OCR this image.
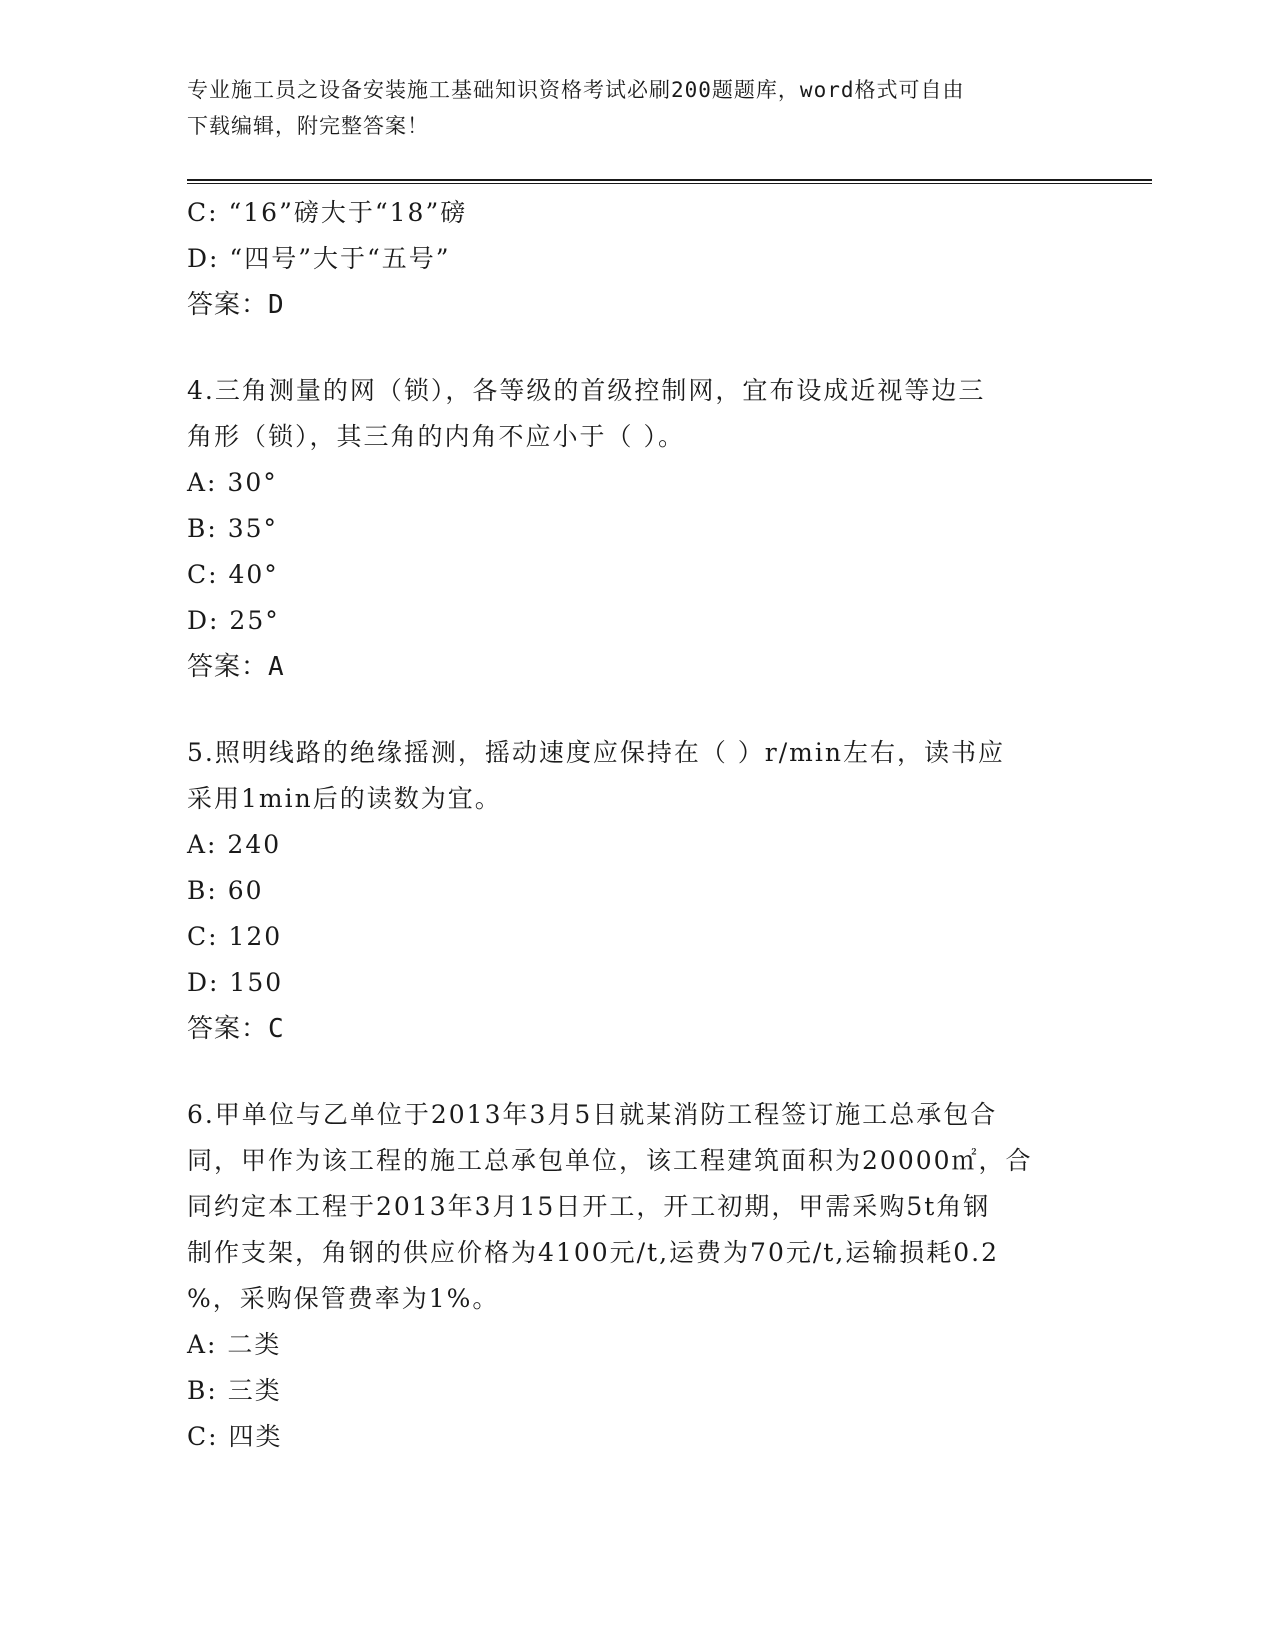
专业施工员之设备安装施工基础知识资格考试必刷200题题库，word格式可自由
下载编辑，附完整答案！
C: “16”磅大于“18”磅
D: “四号”大于“五号”
答案：D
4.三角测量的网（锁），各等级的首级控制网，宜布设成近视等边三
角形（锁），其三角的内角不应小于（ ）。
A: 30°
B: 35°
C: 40°
D: 25°
答案：A
5.照明线路的绝缘摇测，摇动速度应保持在（ ）r/min左右，读书应
采用1min后的读数为宜。
A: 240
B: 60
C: 120
D: 150
答案：C
6.甲单位与乙单位于2013年3月5日就某消防工程签订施工总承包合
同，甲作为该工程的施工总承包单位，该工程建筑面积为20000㎡，合
同约定本工程于2013年3月15日开工，开工初期，甲需采购5t角钢
制作支架，角钢的供应价格为4100元/t,运费为70元/t,运输损耗0.2
%，采购保管费率为1%。
A: 二类
B: 三类
C: 四类
